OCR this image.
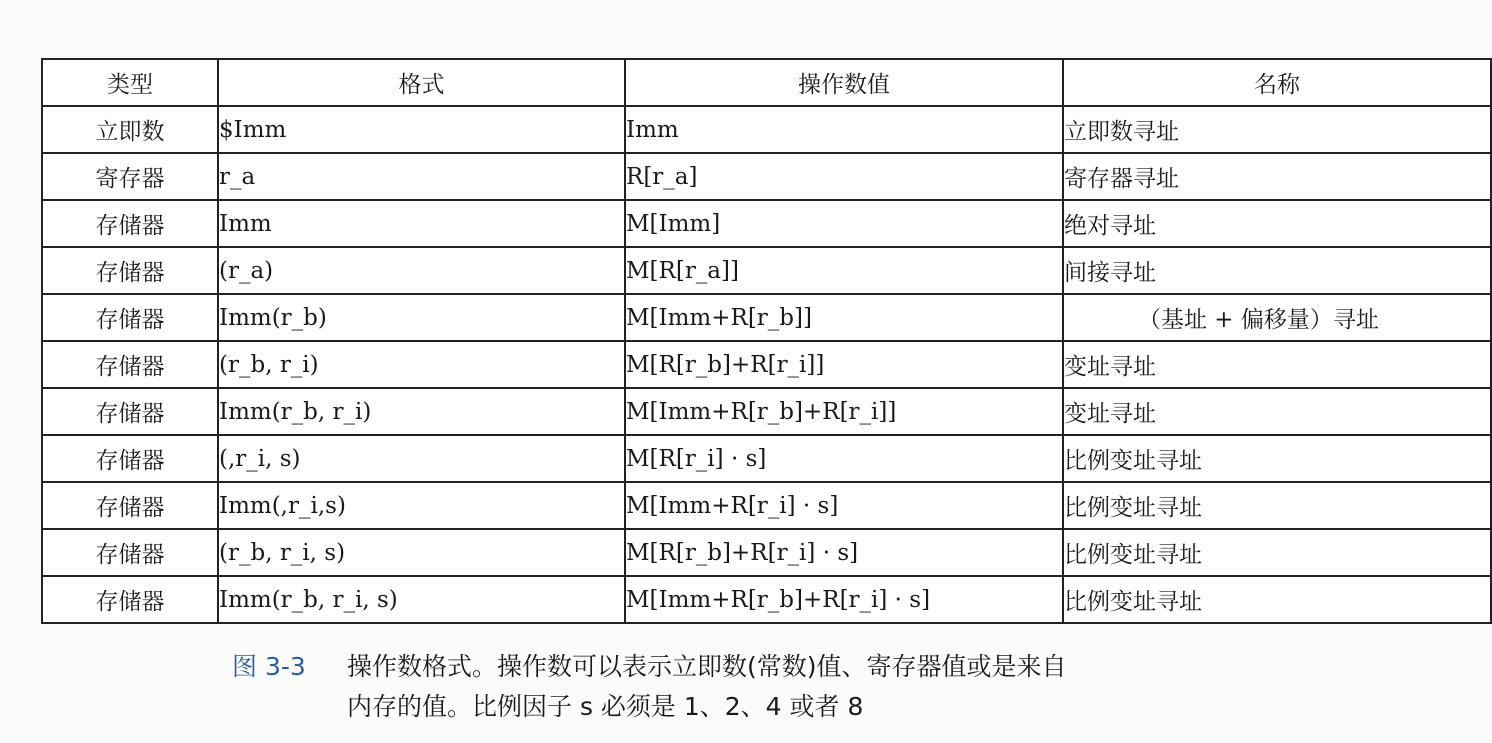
类型	格式	操作数值	名称
立即数	$Imm	Imm	立即数寻址
寄存器	r_a	R[r_a]	寄存器寻址
存储器	Imm	M[Imm]	绝对寻址
存储器	(r_a)	M[R[r_a]]	间接寻址
存储器	Imm(r_b)	M[Imm+R[r_b]]	（基址 + 偏移量）寻址
存储器	(r_b, r_i)	M[R[r_b]+R[r_i]]	变址寻址
存储器	Imm(r_b, r_i)	M[Imm+R[r_b]+R[r_i]]	变址寻址
存储器	(,r_i, s)	M[R[r_i] · s]	比例变址寻址
存储器	Imm(,r_i,s)	M[Imm+R[r_i] · s]	比例变址寻址
存储器	(r_b, r_i, s)	M[R[r_b]+R[r_i] · s]	比例变址寻址
存储器	Imm(r_b, r_i, s)	M[Imm+R[r_b]+R[r_i] · s]	比例变址寻址
图 3-3 操作数格式。操作数可以表示立即数(常数)值、寄存器值或是来自
内存的值。比例因子 s 必须是 1、2、4 或者 8
